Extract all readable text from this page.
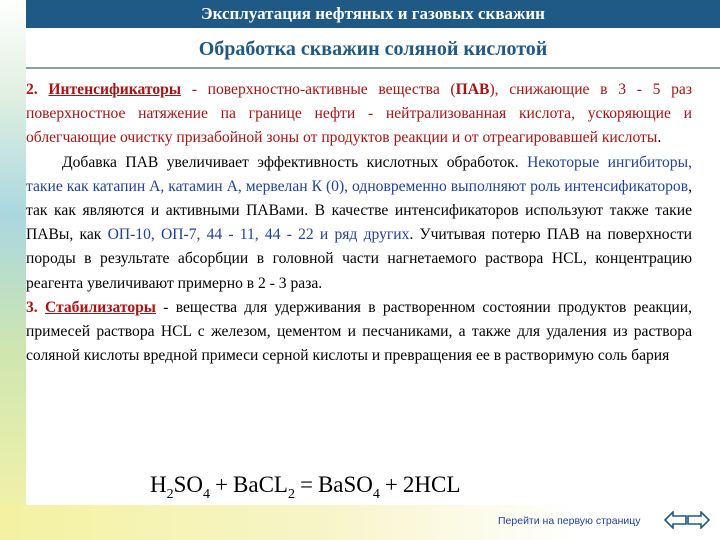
Эксплуатация нефтяных и газовых скважин
Обработка скважин соляной кислотой

2. Интенсификаторы - поверхностно-активные вещества (ПАВ), снижающие в 3 - 5 раз поверхностное натяжение па границе нефти - нейтрализованная кислота, ускоряющие и облегчающие очистку призабойной зоны от продуктов реакции и от отреагировавшей кислоты.

Добавка ПАВ увеличивает эффективность кислотных обработок. Некоторые ингибиторы, такие как катапин А, катамин А, мервелан К (0), одновременно выполняют роль интенсификаторов, так как являются и активными ПАВами. В качестве интенсификаторов используют также такие ПАВы, как ОП-10, ОП-7, 44 - 11, 44 - 22 и ряд других. Учитывая потерю ПАВ на поверхности породы в результате абсорбции в головной части нагнетаемого раствора HCL, концентрацию реагента увеличивают примерно в 2 - 3 раза.

3. Стабилизаторы - вещества для удерживания в растворенном состоянии продуктов реакции, примесей раствора HCL с железом, цементом и песчаниками, а также для удаления из раствора соляной кислоты вредной примеси серной кислоты и превращения ее в растворимую соль бария

$H_2SO_4$ + BaCL$_2$ = BaSO$_4$ + 2HCL
Перейти на первую страницу
